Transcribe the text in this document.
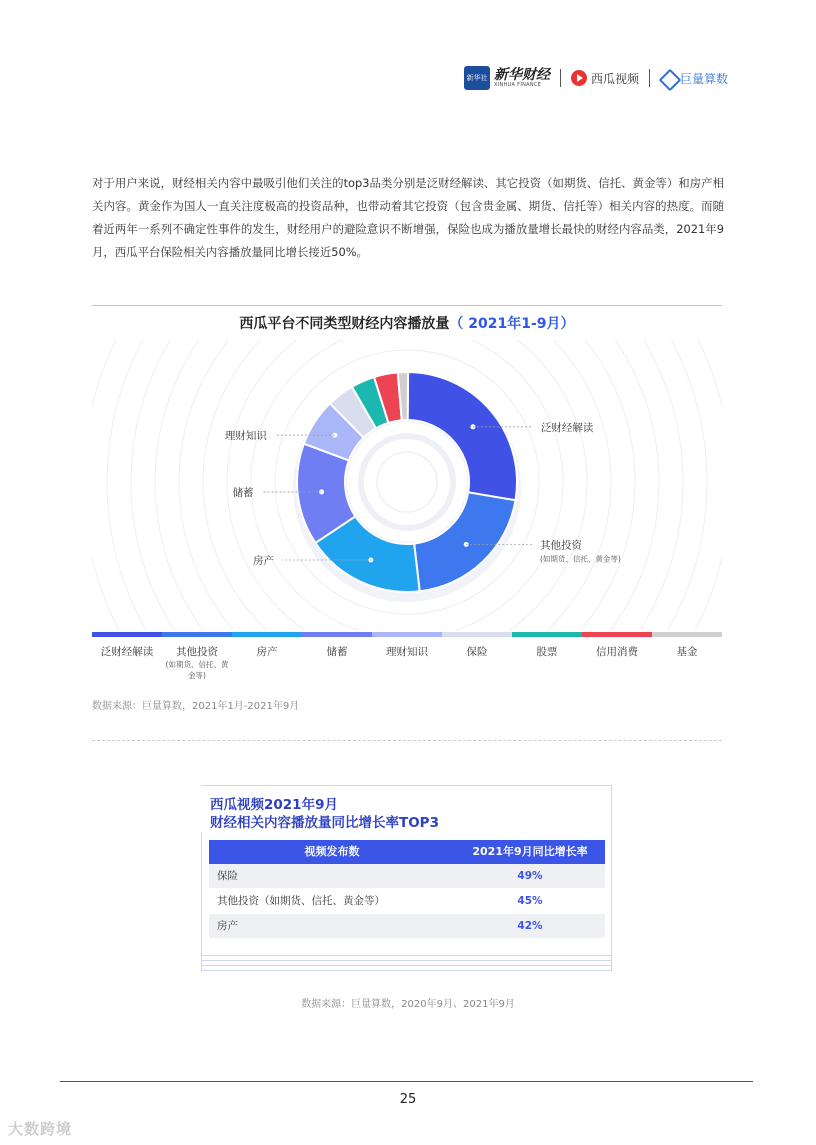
新华社 新华财经
XINHUA FINANCE	西瓜视频	巨量算数

对于用户来说，财经相关内容中最吸引他们关注的top3品类分别是泛财经解读、其它投资（如期货、信托、黄金等）和房产相关内容。黄金作为国人一直关注度极高的投资品种，也带动着其它投资（包含贵金属、期货、信托等）相关内容的热度。而随着近两年一系列不确定性事件的发生，财经用户的避险意识不断增强，保险也成为播放量增长最快的财经内容品类，2021年9月，西瓜平台保险相关内容播放量同比增长接近50%。

西瓜平台不同类型财经内容播放量（ 2021年1-9月）
泛财经解读
其他投资
(如期货、信托、黄金等)
房产
储蓄
理财知识
泛财经解读	其他投资
(如期货、信托、黄金等)
房产	储蓄	理财知识	保险	股票	信用消费	基金
数据来源：巨量算数，2021年1月-2021年9月
西瓜视频2021年9月
财经相关内容播放量同比增长率TOP3
视频发布数	2021年9月同比增长率
保险	49%
其他投资（如期货、信托、黄金等）	45%
房产	42%
数据来源：巨量算数，2020年9月、2021年9月
25
大数跨境
